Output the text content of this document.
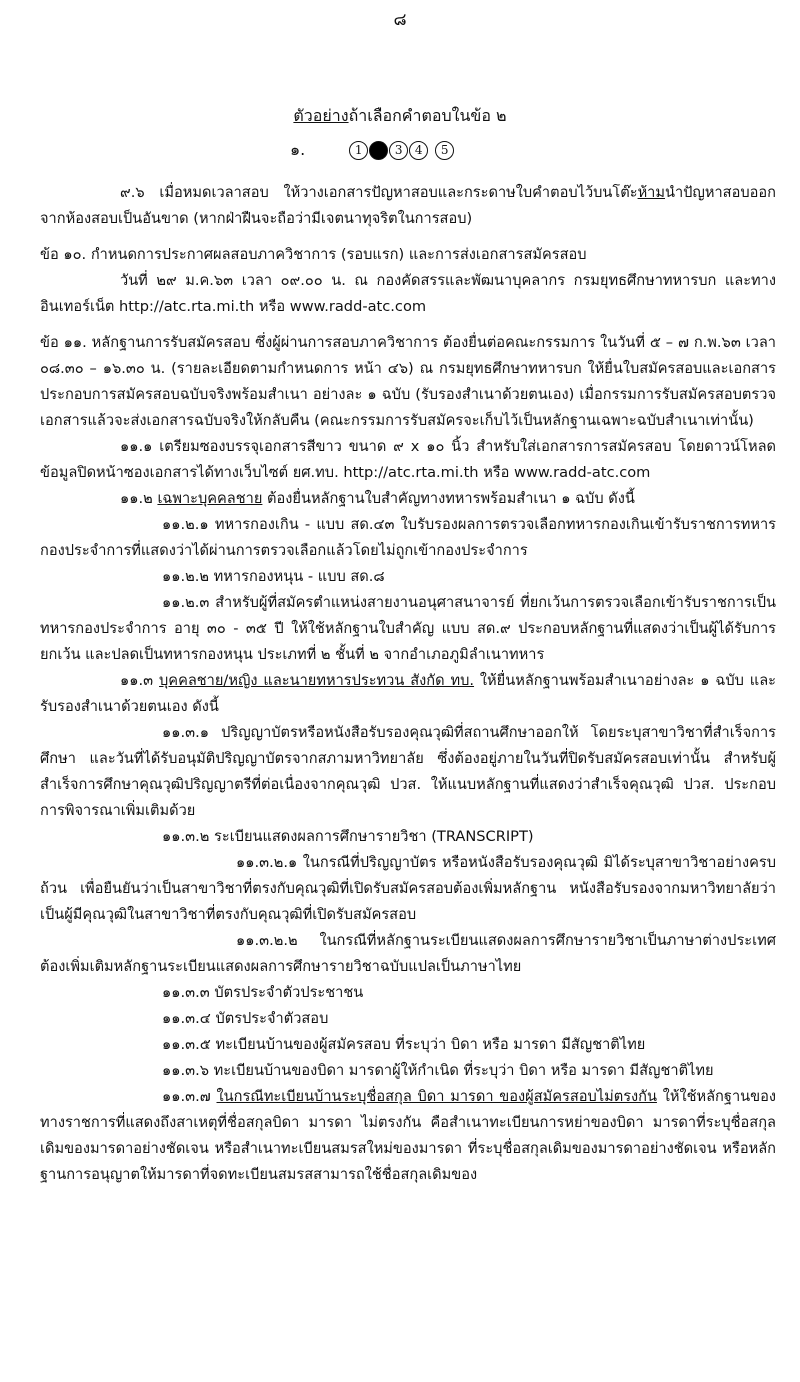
๘
ตัวอย่างถ้าเลือกคำตอบในข้อ ๒
๑.	1	3	4	5

๙.๖ เมื่อหมดเวลาสอบ ให้วางเอกสารปัญหาสอบและกระดาษใบคำตอบไว้บนโต๊ะห้ามนำปัญหาสอบออกจากห้องสอบเป็นอันขาด (หากฝ่าฝืนจะถือว่ามีเจตนาทุจริตในการสอบ)

ข้อ ๑๐. กำหนดการประกาศผลสอบภาควิชาการ (รอบแรก) และการส่งเอกสารสมัครสอบ

วันที่ ๒๙ ม.ค.๖๓ เวลา ๐๙.๐๐ น. ณ กองคัดสรรและพัฒนาบุคลากร กรมยุทธศึกษาทหารบก และทางอินเทอร์เน็ต http://atc.rta.mi.th หรือ www.radd-atc.com

ข้อ ๑๑. หลักฐานการรับสมัครสอบ ซึ่งผู้ผ่านการสอบภาควิชาการ ต้องยื่นต่อคณะกรรมการ ในวันที่ ๕ – ๗ ก.พ.๖๓ เวลา ๐๘.๓๐ – ๑๖.๓๐ น. (รายละเอียดตามกำหนดการ หน้า ๔๖) ณ กรมยุทธศึกษาทหารบก ให้ยื่นใบสมัครสอบและเอกสารประกอบการสมัครสอบฉบับจริงพร้อมสำเนา อย่างละ ๑ ฉบับ (รับรองสำเนาด้วยตนเอง) เมื่อกรรมการรับสมัครสอบตรวจเอกสารแล้วจะส่งเอกสารฉบับจริงให้กลับคืน (คณะกรรมการรับสมัครจะเก็บไว้เป็นหลักฐานเฉพาะฉบับสำเนาเท่านั้น)

๑๑.๑ เตรียมซองบรรจุเอกสารสีขาว ขนาด ๙ x ๑๐ นิ้ว สำหรับใส่เอกสารการสมัครสอบ โดยดาวน์โหลดข้อมูลปิดหน้าซองเอกสารได้ทางเว็บไซต์ ยศ.ทบ. http://atc.rta.mi.th หรือ www.radd-atc.com

๑๑.๒ เฉพาะบุคคลชาย ต้องยื่นหลักฐานใบสำคัญทางทหารพร้อมสำเนา ๑ ฉบับ ดังนี้

๑๑.๒.๑ ทหารกองเกิน - แบบ สด.๔๓ ใบรับรองผลการตรวจเลือกทหารกองเกินเข้ารับราชการทหารกองประจำการที่แสดงว่าได้ผ่านการตรวจเลือกแล้วโดยไม่ถูกเข้ากองประจำการ

๑๑.๒.๒ ทหารกองหนุน - แบบ สด.๘

๑๑.๒.๓ สำหรับผู้ที่สมัครตำแหน่งสายงานอนุศาสนาจารย์ ที่ยกเว้นการตรวจเลือกเข้ารับราชการเป็นทหารกองประจำการ อายุ ๓๐ - ๓๕ ปี ให้ใช้หลักฐานใบสำคัญ แบบ สด.๙ ประกอบหลักฐานที่แสดงว่าเป็นผู้ได้รับการยกเว้น และปลดเป็นทหารกองหนุน ประเภทที่ ๒ ชั้นที่ ๒ จากอำเภอภูมิลำเนาทหาร

๑๑.๓ บุคคลชาย/หญิง และนายทหารประทวน สังกัด ทบ. ให้ยื่นหลักฐานพร้อมสำเนาอย่างละ ๑ ฉบับ และรับรองสำเนาด้วยตนเอง ดังนี้

๑๑.๓.๑ ปริญญาบัตรหรือหนังสือรับรองคุณวุฒิที่สถานศึกษาออกให้ โดยระบุสาขาวิชาที่สำเร็จการศึกษา และวันที่ได้รับอนุมัติปริญญาบัตรจากสภามหาวิทยาลัย ซึ่งต้องอยู่ภายในวันที่ปิดรับสมัครสอบเท่านั้น สำหรับผู้สำเร็จการศึกษาคุณวุฒิปริญญาตรีที่ต่อเนื่องจากคุณวุฒิ ปวส. ให้แนบหลักฐานที่แสดงว่าสำเร็จคุณวุฒิ ปวส. ประกอบการพิจารณาเพิ่มเติมด้วย

๑๑.๓.๒ ระเบียนแสดงผลการศึกษารายวิชา (TRANSCRIPT)

๑๑.๓.๒.๑ ในกรณีที่ปริญญาบัตร หรือหนังสือรับรองคุณวุฒิ มิได้ระบุสาขาวิชาอย่างครบถ้วน เพื่อยืนยันว่าเป็นสาขาวิชาที่ตรงกับคุณวุฒิที่เปิดรับสมัครสอบต้องเพิ่มหลักฐาน หนังสือรับรองจากมหาวิทยาลัยว่าเป็นผู้มีคุณวุฒิในสาขาวิชาที่ตรงกับคุณวุฒิที่เปิดรับสมัครสอบ

๑๑.๓.๒.๒ ในกรณีที่หลักฐานระเบียนแสดงผลการศึกษารายวิชาเป็นภาษาต่างประเทศต้องเพิ่มเติมหลักฐานระเบียนแสดงผลการศึกษารายวิชาฉบับแปลเป็นภาษาไทย

๑๑.๓.๓ บัตรประจำตัวประชาชน

๑๑.๓.๔ บัตรประจำตัวสอบ

๑๑.๓.๕ ทะเบียนบ้านของผู้สมัครสอบ ที่ระบุว่า บิดา หรือ มารดา มีสัญชาติไทย

๑๑.๓.๖ ทะเบียนบ้านของบิดา มารดาผู้ให้กำเนิด ที่ระบุว่า บิดา หรือ มารดา มีสัญชาติไทย

๑๑.๓.๗ ในกรณีทะเบียนบ้านระบุชื่อสกุล บิดา มารดา ของผู้สมัครสอบไม่ตรงกัน ให้ใช้หลักฐานของทางราชการที่แสดงถึงสาเหตุที่ชื่อสกุลบิดา มารดา ไม่ตรงกัน คือสำเนาทะเบียนการหย่าของบิดา มารดาที่ระบุชื่อสกุลเดิมของมารดาอย่างชัดเจน หรือสำเนาทะเบียนสมรสใหม่ของมารดา ที่ระบุชื่อสกุลเดิมของมารดาอย่างชัดเจน หรือหลักฐานการอนุญาตให้มารดาที่จดทะเบียนสมรสสามารถใช้ชื่อสกุลเดิมของ
